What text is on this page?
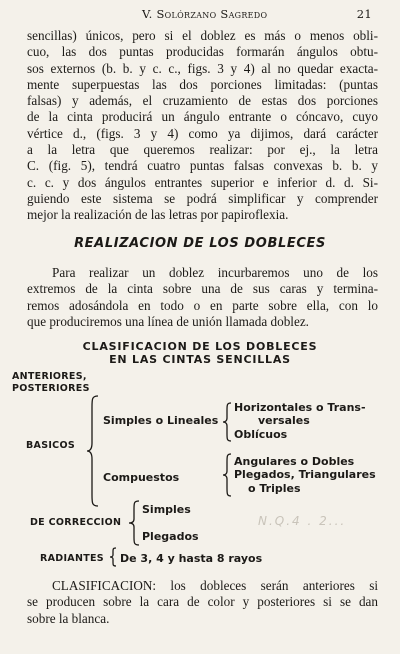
V. Solórzano Sagredo	21
sencillas) únicos, pero si el doblez es más o menos obli-
cuo, las dos puntas producidas formarán ángulos obtu-
sos externos (b. b. y c. c., figs. 3 y 4) al no quedar exacta-
mente superpuestas las dos porciones limitadas: (puntas
falsas) y además, el cruzamiento de estas dos porciones
de la cinta producirá un ángulo entrante o cóncavo, cuyo
vértice d., (figs. 3 y 4) como ya dijimos, dará carácter
a la letra que queremos realizar: por ej., la letra
C. (fig. 5), tendrá cuatro puntas falsas convexas b. b. y
c. c. y dos ángulos entrantes superior e inferior d. d. Si-
guiendo este sistema se podrá simplificar y comprender
mejor la realización de las letras por papiroflexia.
REALIZACION DE LOS DOBLECES
Para realizar un doblez incurbaremos uno de los
extremos de la cinta sobre una de sus caras y termina-
remos adosándola en todo o en parte sobre ella, con lo
que produciremos una línea de unión llamada doblez.
CLASIFICACION DE LOS DOBLECES
EN LAS CINTAS SENCILLAS
ANTERIORES,
POSTERIORES
BASICOS
Simples o Lineales
Horizontales o Trans-
versales
Oblícuos
Compuestos
Angulares o Dobles
Plegados, Triangulares
o Triples
DE CORRECCION
Simples
Plegados
N.Q.4 . 2...
RADIANTES De 3, 4 y hasta 8 rayos
CLASIFICACION: los dobleces serán anteriores si
se producen sobre la cara de color y posteriores si se dan
sobre la blanca.
